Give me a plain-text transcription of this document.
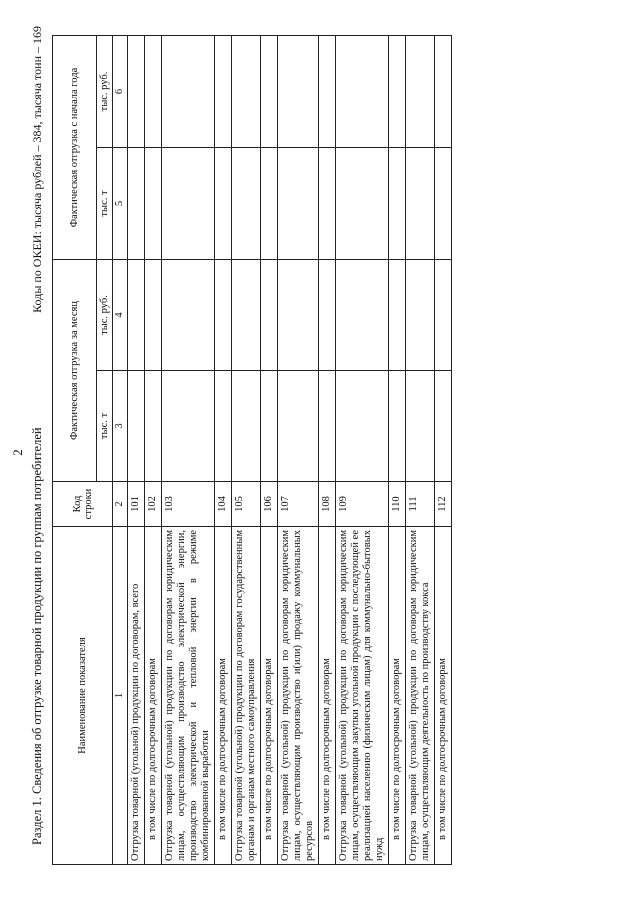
2 Раздел 1. Сведения об отгрузке товарной продукции по группам потребителей
Коды по ОКЕИ: тысяча рублей – 384, тысяча тонн – 169
Наименование показателя	Код строки	Фактическая отгрузка за месяц		Фактическая отгрузка с начала года	
		тыс. т	тыс. руб.	тыс. т	тыс. руб.
1	2	3	4	5	6
Отгрузка товарной (угольной) продукции по договорам, всего	101				
в том числе по долгосрочным договорам	102				
Отгрузка товарной (угольной) продукции по договорам юридическим лицам, осуществляющим производство электрической энергии, производство электрической и тепловой энергии в режиме комбинированной выработки	103				
в том числе по долгосрочным договорам	104				
Отгрузка товарной (угольной) продукции по договорам государственным органам и органам местного самоуправления	105				
в том числе по долгосрочным договорам	106				
Отгрузка товарной (угольной) продукции по договорам юридическим лицам, осуществляющим производство и(или) продажу коммунальных ресурсов	107				
в том числе по долгосрочным договорам	108				
Отгрузка товарной (угольной) продукции по договорам юридическим лицам, осуществляющим закупки угольной продукции с последующей ее реализацией населению (физическим лицам) для коммунально-бытовых нужд	109				
в том числе по долгосрочным договорам	110				
Отгрузка товарной (угольной) продукции по договорам юридическим лицам, осуществляющим деятельность по производству кокса	111				
в том числе по долгосрочным договорам	112				
